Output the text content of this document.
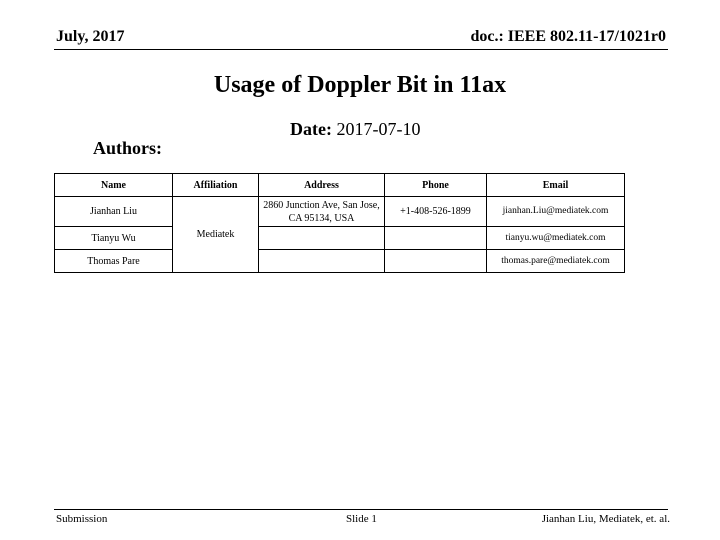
July, 2017	doc.: IEEE 802.11-17/1021r0
Usage of Doppler Bit in 11ax
Date: 2017-07-10
Authors:
Name	Affiliation	Address	Phone	Email
Jianhan Liu	Mediatek	2860 Junction Ave, San Jose, CA 95134, USA	+1-408-526-1899	jianhan.Liu@mediatek.com
Tianyu Wu				tianyu.wu@mediatek.com
Thomas Pare				thomas.pare@mediatek.com
Submission	Slide 1	Jianhan Liu, Mediatek, et. al.
